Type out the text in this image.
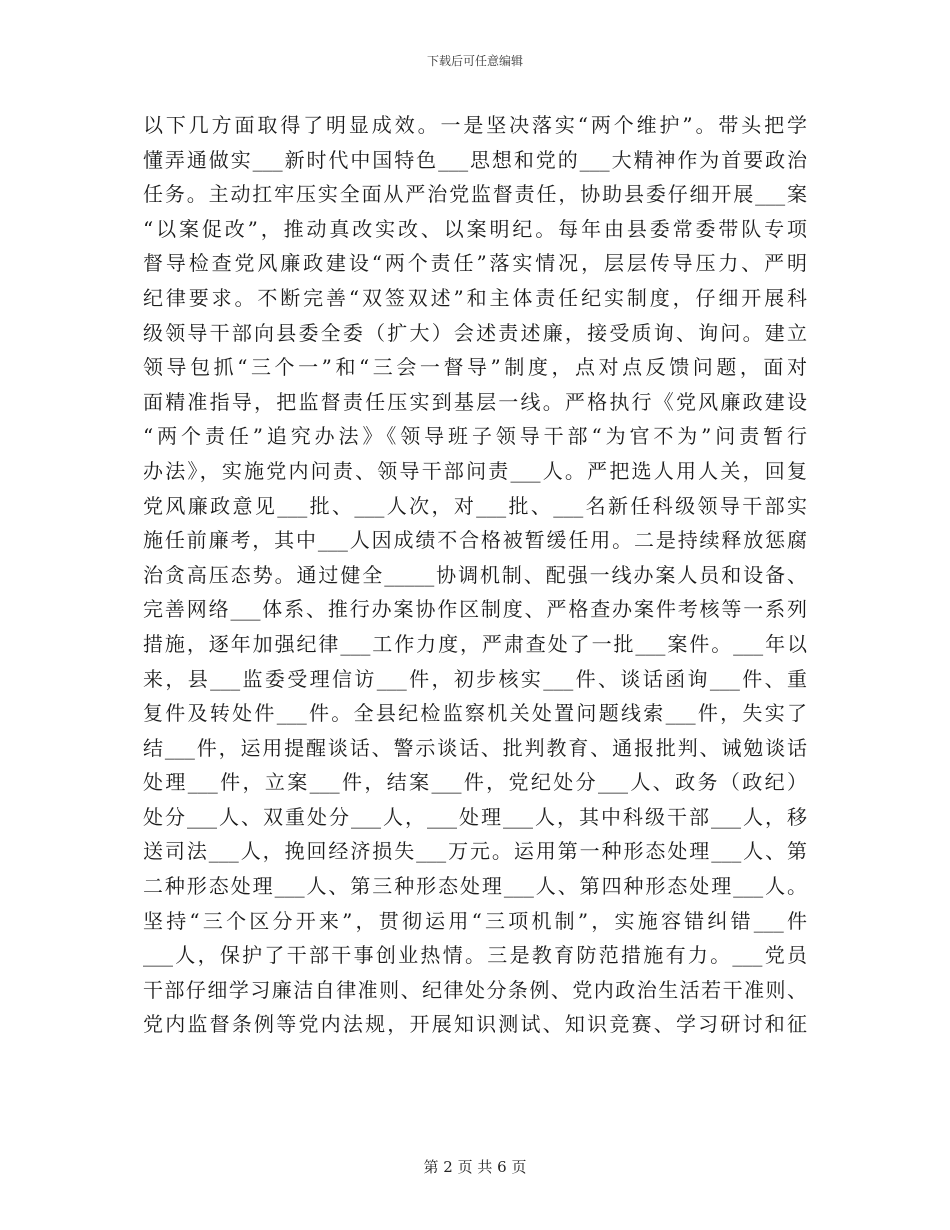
下载后可任意编辑
以下几方面取得了明显成效。一是坚决落实“两个维护”。带头把学
懂弄通做实___新时代中国特色___思想和党的___大精神作为首要政治
任务。主动扛牢压实全面从严治党监督责任，协助县委仔细开展___案
“以案促改”，推动真改实改、以案明纪。每年由县委常委带队专项
督导检查党风廉政建设“两个责任”落实情况，层层传导压力、严明
纪律要求。不断完善“双签双述”和主体责任纪实制度，仔细开展科
级领导干部向县委全委（扩大）会述责述廉，接受质询、询问。建立
领导包抓“三个一”和“三会一督导”制度，点对点反馈问题，面对
面精准指导，把监督责任压实到基层一线。严格执行《党风廉政建设
“两个责任”追究办法》《领导班子领导干部“为官不为”问责暂行
办法》，实施党内问责、领导干部问责___人。严把选人用人关，回复
党风廉政意见___批、___人次，对___批、___名新任科级领导干部实
施任前廉考，其中___人因成绩不合格被暂缓任用。二是持续释放惩腐
治贪高压态势。通过健全_____协调机制、配强一线办案人员和设备、
完善网络___体系、推行办案协作区制度、严格查办案件考核等一系列
措施，逐年加强纪律___工作力度，严肃查处了一批___案件。___年以
来，县___监委受理信访___件，初步核实___件、谈话函询___件、重
复件及转处件___件。全县纪检监察机关处置问题线索___件，失实了
结___件，运用提醒谈话、警示谈话、批判教育、通报批判、诫勉谈话
处理___件，立案___件，结案___件，党纪处分___人、政务（政纪）
处分___人、双重处分___人，___处理___人，其中科级干部___人，移
送司法___人，挽回经济损失___万元。运用第一种形态处理___人、第
二种形态处理___人、第三种形态处理___人、第四种形态处理___人。
坚持“三个区分开来”，贯彻运用“三项机制”，实施容错纠错___件
___人，保护了干部干事创业热情。三是教育防范措施有力。___党员
干部仔细学习廉洁自律准则、纪律处分条例、党内政治生活若干准则、
党内监督条例等党内法规，开展知识测试、知识竞赛、学习研讨和征
第 2 页 共 6 页
